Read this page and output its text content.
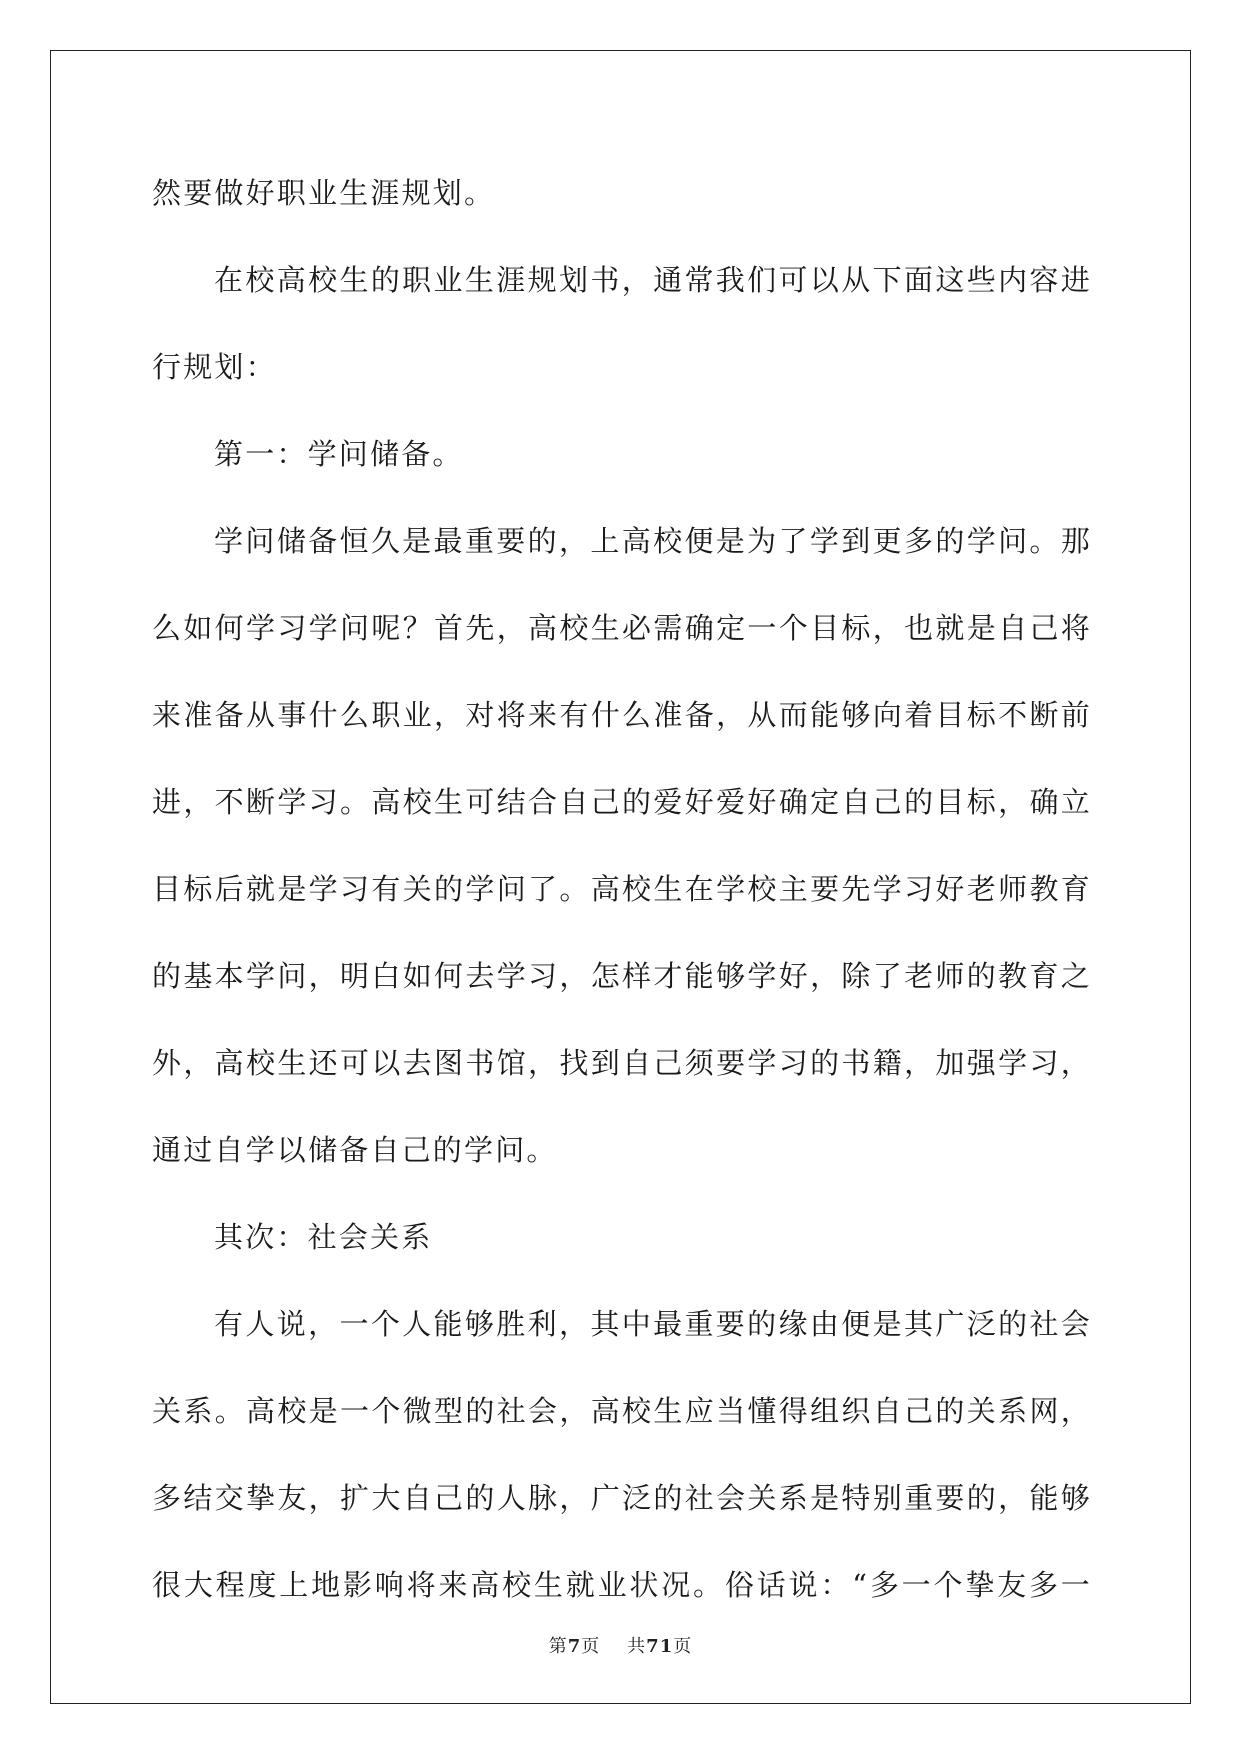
然要做好职业生涯规划。
在校高校生的职业生涯规划书，通常我们可以从下面这些内容进
行规划：
第一：学问储备。
学问储备恒久是最重要的，上高校便是为了学到更多的学问。那
么如何学习学问呢？首先，高校生必需确定一个目标，也就是自己将
来准备从事什么职业，对将来有什么准备，从而能够向着目标不断前
进，不断学习。高校生可结合自己的爱好爱好确定自己的目标，确立
目标后就是学习有关的学问了。高校生在学校主要先学习好老师教育
的基本学问，明白如何去学习，怎样才能够学好，除了老师的教育之
外，高校生还可以去图书馆，找到自己须要学习的书籍，加强学习，
通过自学以储备自己的学问。
其次：社会关系
有人说，一个人能够胜利，其中最重要的缘由便是其广泛的社会
关系。高校是一个微型的社会，高校生应当懂得组织自己的关系网，
多结交挚友，扩大自己的人脉，广泛的社会关系是特别重要的，能够
很大程度上地影响将来高校生就业状况。俗话说：“多一个挚友多一
第7页 共71页
